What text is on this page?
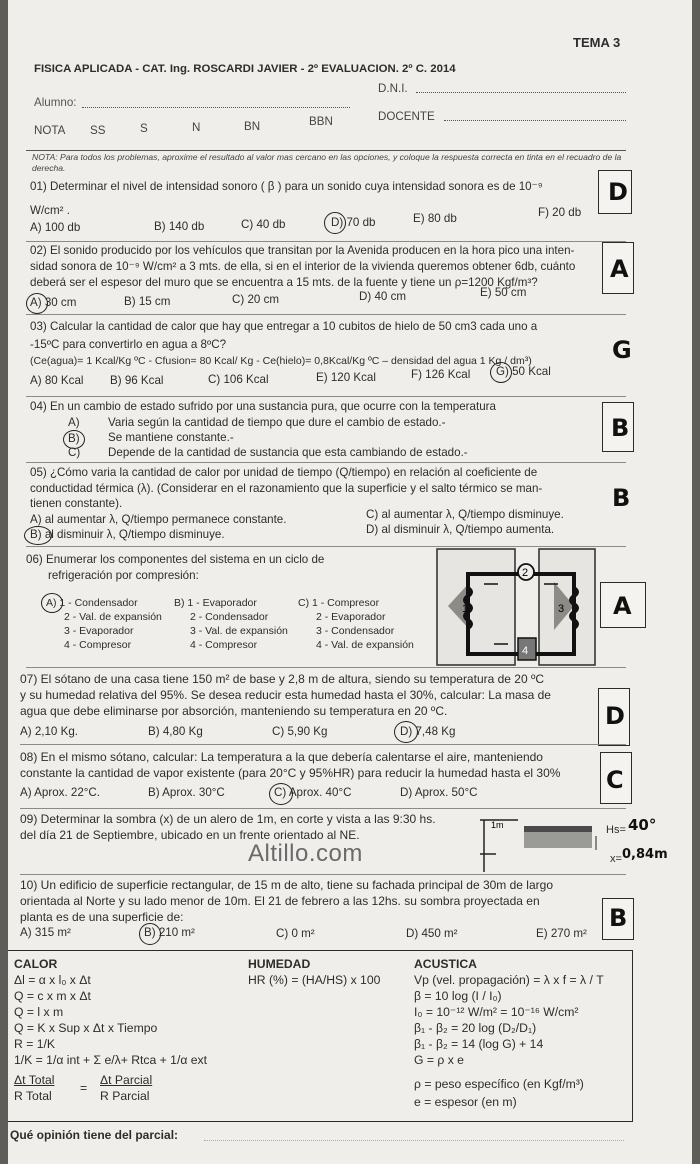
FISICA APLICADA - CAT. Ing. ROSCARDI JAVIER - 2º EVALUACION. 2º C. 2014
TEMA 3
Alumno:
D.N.I.
NOTA SS	S	N	BN	BBN	DOCENTE
NOTA: Para todos los problemas, aproxime el resultado al valor mas cercano en las opciones, y coloque la respuesta correcta en tinta en el recuadro de la derecha.
01) Determinar el nivel de intensidad sonoro ( β ) para un sonido cuya intensidad sonora es de 10⁻⁹
W/cm² .
A) 100 db	B) 140 db	C) 40 db	D) 70 db	E) 80 db	F) 20 db
D
02) El sonido producido por los vehículos que transitan por la Avenida producen en la hora pico una inten-
sidad sonora de 10⁻⁹ W/cm² a 3 mts. de ella, si en el interior de la vivienda queremos obtener 6db, cuánto
deberá ser el espesor del muro que se encuentra a 15 mts. de la fuente y tiene un ρ=1200 Kgf/m³?
A) 30 cm	B) 15 cm	C) 20 cm	D) 40 cm	E) 50 cm
A
03) Calcular la cantidad de calor que hay que entregar a 10 cubitos de hielo de 50 cm3 cada uno a
-15ºC para convertirlo en agua a 8ºC?
(Ce(agua)= 1 Kcal/Kg ºC - Cfusion= 80 Kcal/ Kg - Ce(hielo)= 0,8Kcal/Kg ºC – densidad del agua 1 Kg / dm³)
A) 80 Kcal B) 96 Kcal	C) 106 Kcal	E) 120 Kcal	F) 126 Kcal G) 50 Kcal
G
04) En un cambio de estado sufrido por una sustancia pura, que ocurre con la temperatura
A) Varia según la cantidad de tiempo que dure el cambio de estado.-
B) Se mantiene constante.-
C) Depende de la cantidad de sustancia que esta cambiando de estado.-
B
05) ¿Cómo varia la cantidad de calor por unidad de tiempo (Q/tiempo) en relación al coeficiente de
conductidad térmica (λ). (Considerar en el razonamiento que la superficie y el salto térmico se man-
tienen constante).
A) al aumentar λ, Q/tiempo permanece constante.
B) al disminuir λ, Q/tiempo disminuye.
C) al aumentar λ, Q/tiempo disminuye.
D) al disminuir λ, Q/tiempo aumenta.
B
06) Enumerar los componentes del sistema en un ciclo de
refrigeración por compresión:
A) 1 - Condensador
2 - Val. de expansión
3 - Evaporador
4 - Compresor
B) 1 - Evaporador
2 - Condensador
3 - Val. de expansión
4 - Compresor
C) 1 - Compresor
2 - Evaporador
3 - Condensador
4 - Val. de expansión
2
1	3
4
A
07) El sótano de una casa tiene 150 m² de base y 2,8 m de altura, siendo su temperatura de 20 ºC
y su humedad relativa del 95%. Se desea reducir esta humedad hasta el 30%, calcular: La masa de
agua que debe eliminarse por absorción, manteniendo su temperatura en 20 ºC.
A) 2,10 Kg.	B) 4,80 Kg	C) 5,90 Kg	D) 7,48 Kg
D
08) En el mismo sótano, calcular: La temperatura a la que debería calentarse el aire, manteniendo
constante la cantidad de vapor existente (para 20°C y 95%HR) para reducir la humedad hasta el 30%
A) Aprox. 22°C.	B) Aprox. 30°C	C) Aprox. 40°C	D) Aprox. 50°C	C
09) Determinar la sombra (x) de un alero de 1m, en corte y vista a las 9:30 hs.
del día 21 de Septiembre, ubicado en un frente orientado al NE.
Altillo.com
1m	Hs= 40°
x= 0,84m
10) Un edificio de superficie rectangular, de 15 m de alto, tiene su fachada principal de 30m de largo
orientada al Norte y su lado menor de 10m. El 21 de febrero a las 12hs. su sombra proyectada en
planta es de una superficie de:
A) 315 m²	B) 210 m²	C) 0 m²	D) 450 m²	E) 270 m²
B
CALOR
Δl = α x l₀ x Δt
Q = c x m x Δt
Q = l x m
Q = K x Sup x Δt x Tiempo
R = 1/K
1/K = 1/α int + Σ e/λ+ Rtca + 1/α ext
Δt Total
R Total
=
Δt Parcial
R Parcial
HUMEDAD
HR (%) = (HA/HS) x 100
ACUSTICA
Vp (vel. propagación) = λ x f = λ / T
β = 10 log (I / I₀)
I₀ = 10⁻¹² W/m² = 10⁻¹⁶ W/cm²
β₁ - β₂ = 20 log (D₂/D₁)
β₁ - β₂ = 14 (log G) + 14
G = ρ x e
ρ = peso específico (en Kgf/m³)
e = espesor (en m)
Qué opinión tiene del parcial:
